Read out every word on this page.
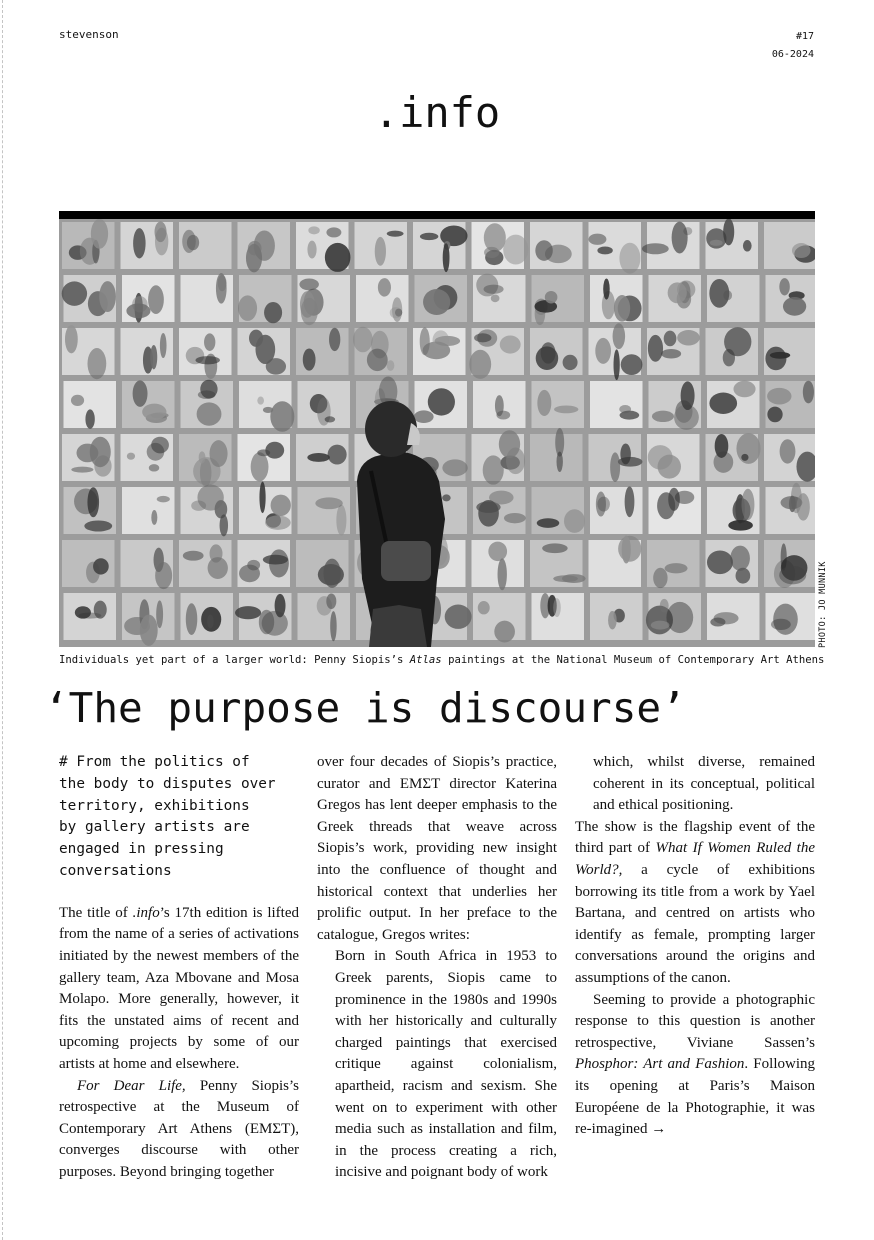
stevenson	#17
06-2024
.info
PHOTO: JO MUNNIK
Individuals yet part of a larger world: Penny Siopis’s Atlas paintings at the National Museum of Contemporary Art Athens
‘The purpose is discourse’
# From the politics of
the body to disputes over
territory, exhibitions
by gallery artists are
engaged in pressing
conversations

The title of .info’s 17th edition is lifted from the name of a series of activations initiated by the newest members of the gallery team, Aza Mbovane and Mosa Molapo. More generally, however, it fits the unstated aims of recent and upcoming projects by some of our artists at home and elsewhere.

For Dear Life, Penny Siopis’s retrospective at the Museum of Contemporary Art Athens (ΕΜΣΤ), converges discourse with other purposes. Beyond bringing together

over four decades of Siopis’s practice, curator and ΕΜΣΤ director Katerina Gregos has lent deeper emphasis to the Greek threads that weave across Siopis’s work, providing new insight into the confluence of thought and historical context that underlies her prolific output. In her preface to the catalogue, Gregos writes:

Born in South Africa in 1953 to Greek parents, Siopis came to prominence in the 1980s and 1990s with her historically and culturally charged paintings that exercised critique against colonialism, apartheid, racism and sexism. She went on to experiment with other media such as installation and film, in the process creating a rich, incisive and poignant body of work

which, whilst diverse, remained coherent in its conceptual, political and ethical positioning.

The show is the flagship event of the third part of What If Women Ruled the World?, a cycle of exhibitions borrowing its title from a work by Yael Bartana, and centred on artists who identify as female, prompting larger conversations around the origins and assumptions of the canon.

Seeming to provide a photographic response to this question is another retrospective, Viviane Sassen’s Phosphor: Art and Fashion. Following its opening at Paris’s Maison Européene de la Photographie, it was re-imagined →
